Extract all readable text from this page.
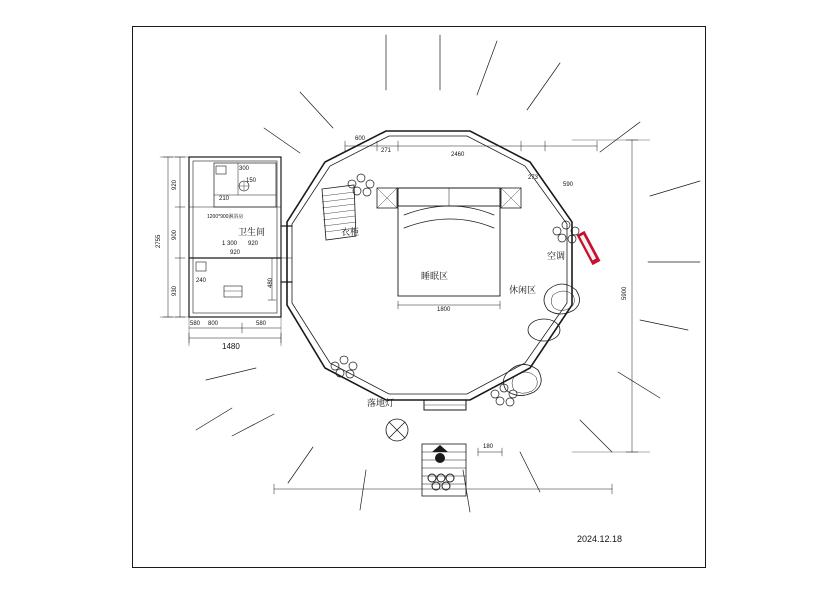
卫生间	衣柜
睡眠区
空调
休闲区
落地灯
5900
2755
920
900
930
1480
800	580
600
271
2460
273
590
1800
180
480
300
150
210
920
240
1200*900淋浴房
1 300 920
580
2024.12.18
